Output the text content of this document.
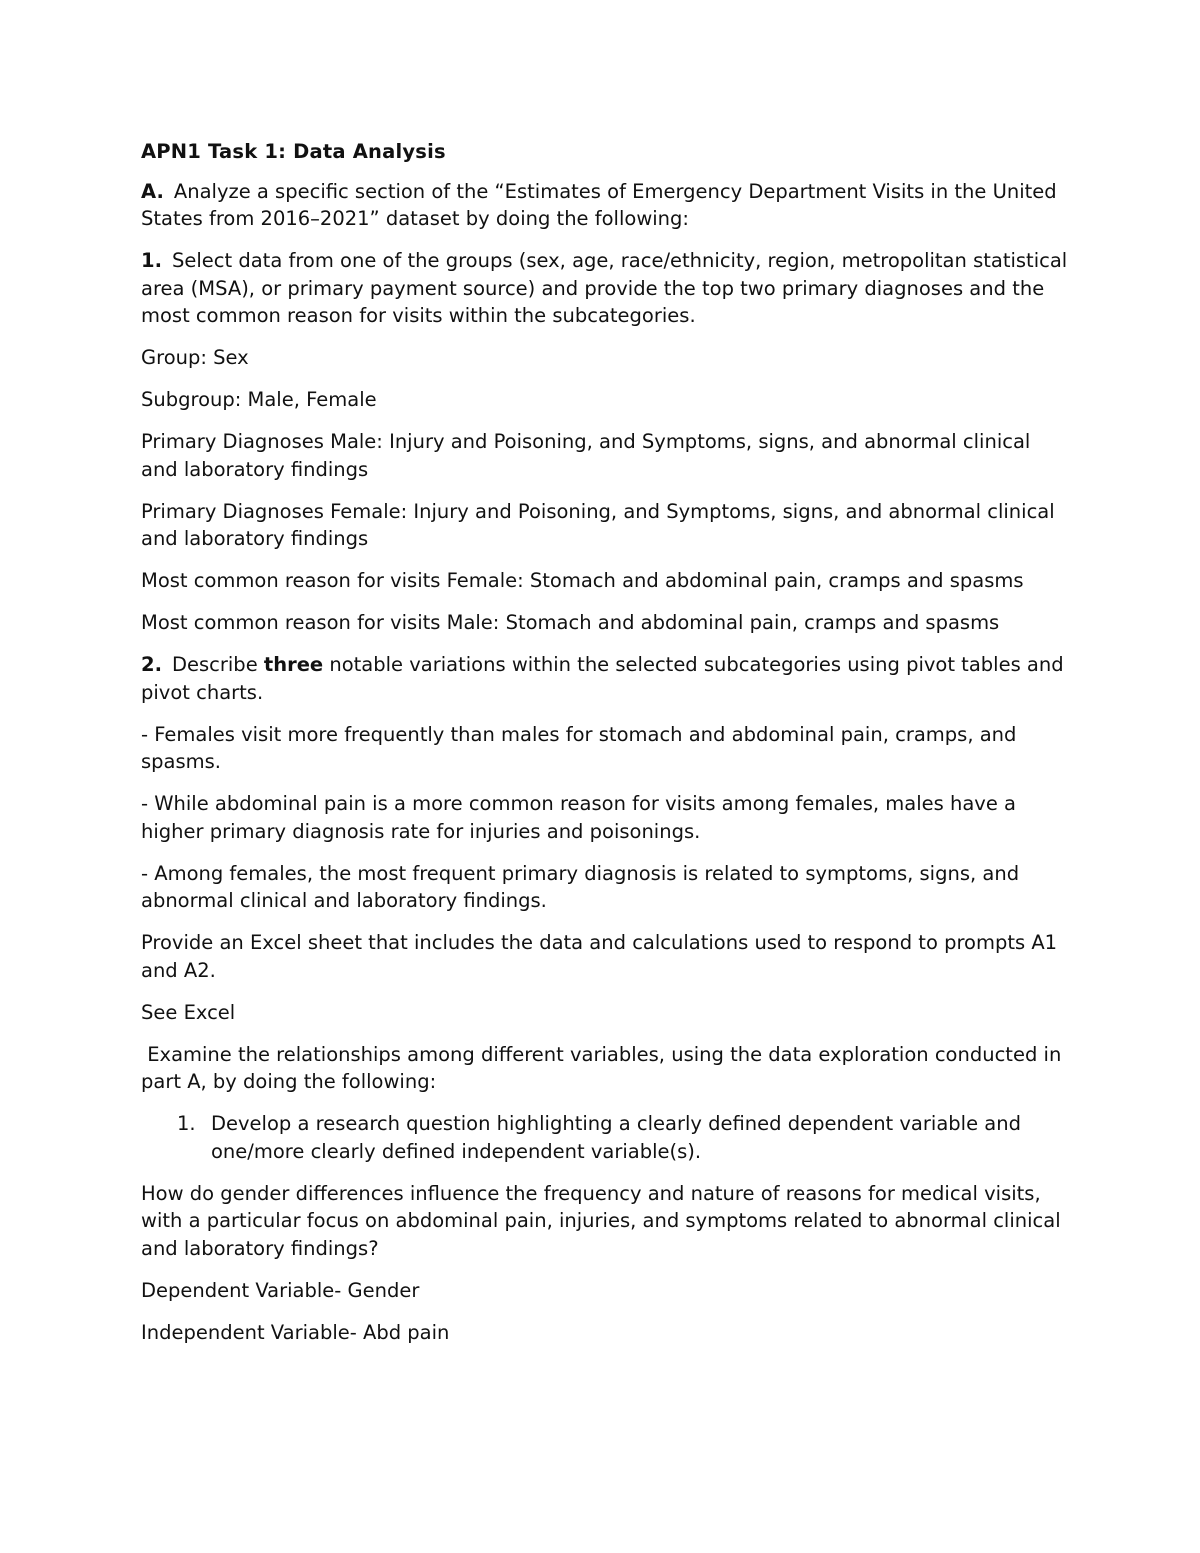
APN1 Task 1: Data Analysis

A. Analyze a specific section of the “Estimates of Emergency Department Visits in the United States from 2016–2021” dataset by doing the following:

1. Select data from one of the groups (sex, age, race/ethnicity, region, metropolitan statistical area (MSA), or primary payment source) and provide the top two primary diagnoses and the most common reason for visits within the subcategories.

Group: Sex

Subgroup: Male, Female

Primary Diagnoses Male: Injury and Poisoning, and Symptoms, signs, and abnormal clinical and laboratory findings

Primary Diagnoses Female: Injury and Poisoning, and Symptoms, signs, and abnormal clinical and laboratory findings

Most common reason for visits Female: Stomach and abdominal pain, cramps and spasms

Most common reason for visits Male: Stomach and abdominal pain, cramps and spasms

2. Describe three notable variations within the selected subcategories using pivot tables and pivot charts.

- Females visit more frequently than males for stomach and abdominal pain, cramps, and spasms.

- While abdominal pain is a more common reason for visits among females, males have a higher primary diagnosis rate for injuries and poisonings.

- Among females, the most frequent primary diagnosis is related to symptoms, signs, and abnormal clinical and laboratory findings.

Provide an Excel sheet that includes the data and calculations used to respond to prompts A1 and A2.

See Excel

Examine the relationships among different variables, using the data exploration conducted in part A, by doing the following:

1. Develop a research question highlighting a clearly defined dependent variable and one/more clearly defined independent variable(s).

How do gender differences influence the frequency and nature of reasons for medical visits, with a particular focus on abdominal pain, injuries, and symptoms related to abnormal clinical and laboratory findings?

Dependent Variable- Gender

Independent Variable- Abd pain
